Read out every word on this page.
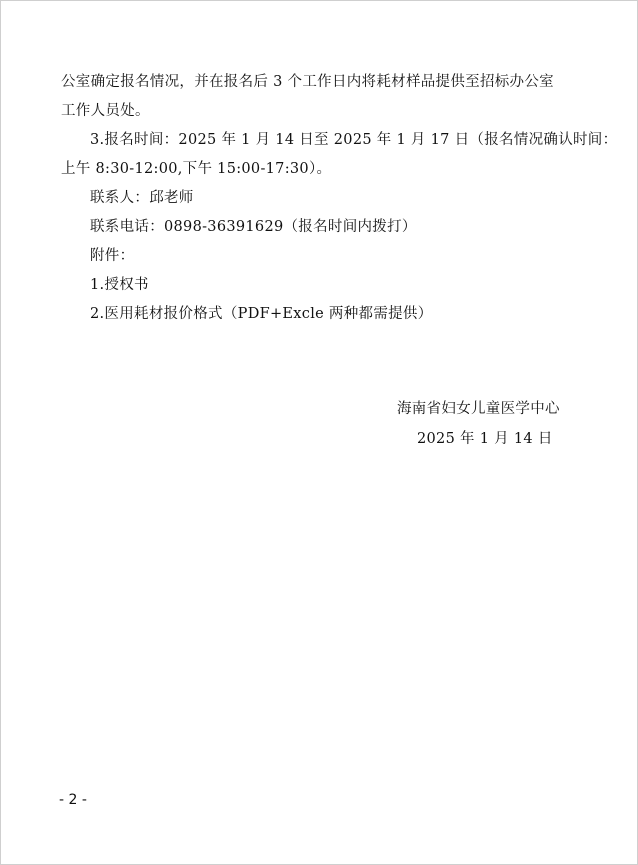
公室确定报名情况，并在报名后 3 个工作日内将耗材样品提供至招标办公室
工作人员处。
3.报名时间：2025 年 1 月 14 日至 2025 年 1 月 17 日（报名情况确认时间：
上午 8:30-12:00,下午 15:00-17:30）。
联系人：邱老师
联系电话：0898-36391629（报名时间内拨打）
附件：
1.授权书
2.医用耗材报价格式（PDF+Excle 两种都需提供）
海南省妇女儿童医学中心
2025 年 1 月 14 日
- 2 -
